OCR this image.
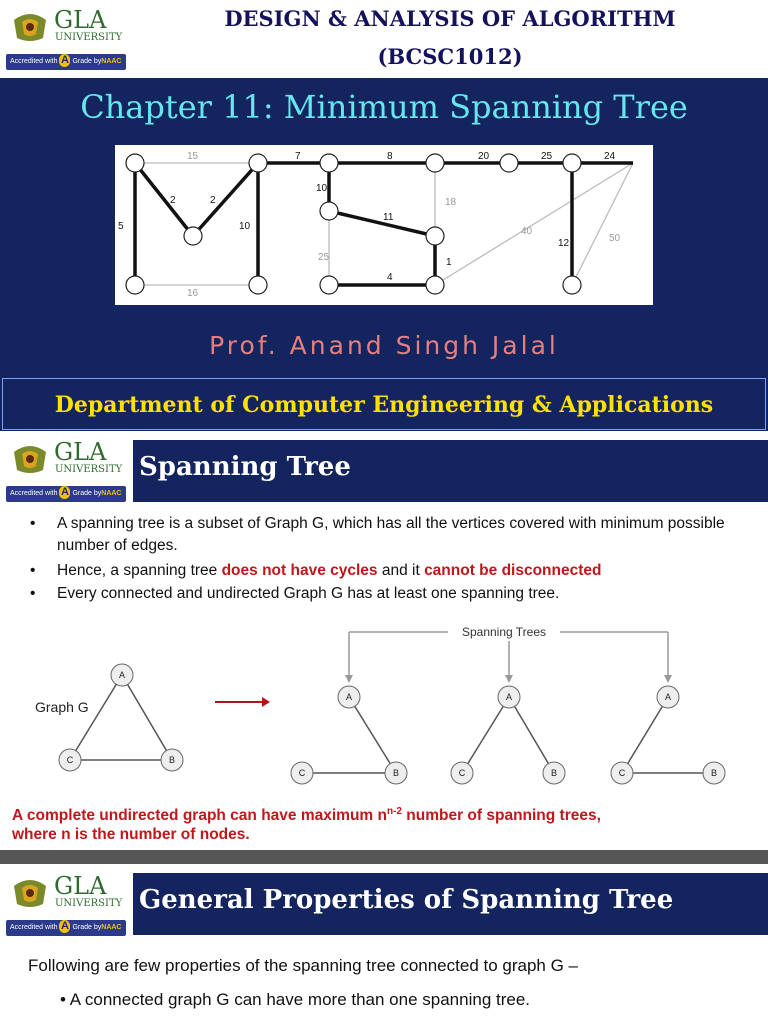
GLA
UNIVERSITY
Accredited with A Grade byNAAC
DESIGN & ANALYSIS OF ALGORITHM
(BCSC1012)
Chapter 11: Minimum Spanning Tree
15
2	2
5	10
16
7
10
8
11
25
4
18
1
20	25	24
40
12	50
Prof. Anand Singh Jalal
Department of Computer Engineering & Applications
GLA
UNIVERSITY
Accredited with A Grade byNAAC
Spanning Tree
• A spanning tree is a subset of Graph G, which has all the vertices covered with minimum possible number of edges.
• Hence, a spanning tree does not have cycles and it cannot be disconnected
• Every connected and undirected Graph G has at least one spanning tree.
Spanning Trees
Graph G
A
C	B
A
C	B
A
C	B
A
C	B
A complete undirected graph can have maximum $n^{n-2}$ number of spanning trees,
where n is the number of nodes.
GLA
UNIVERSITY
Accredited with A Grade byNAAC
General Properties of Spanning Tree
Following are few properties of the spanning tree connected to graph G –
• A connected graph G can have more than one spanning tree.
